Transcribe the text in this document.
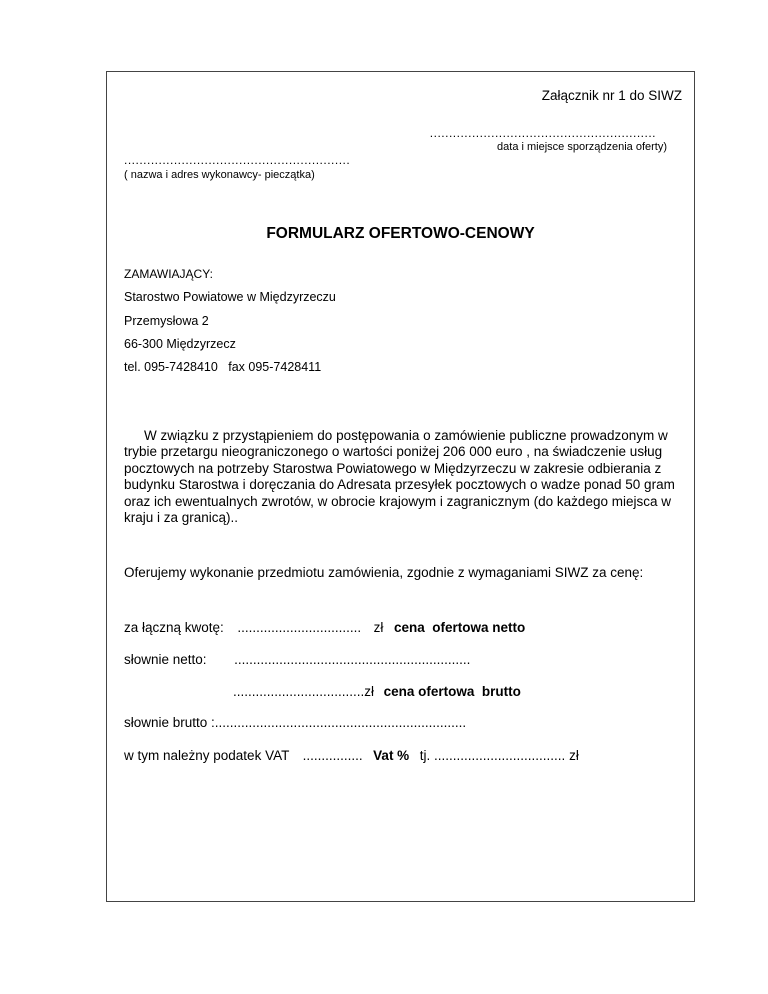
Załącznik nr 1 do SIWZ
...........................................................
data i miejsce sporządzenia oferty)
...........................................................
( nazwa i adres wykonawcy- pieczątka)
FORMULARZ OFERTOWO-CENOWY
ZAMAWIAJĄCY:
Starostwo Powiatowe w Międzyrzeczu
Przemysłowa 2
66-300 Międzyrzecz
tel. 095-7428410   fax 095-7428411
W związku z przystąpieniem do postępowania o zamówienie publiczne prowadzonym w trybie przetargu nieograniczonego o wartości poniżej 206 000 euro , na świadczenie usług pocztowych na potrzeby Starostwa Powiatowego w Międzyrzeczu w zakresie odbierania z budynku Starostwa i doręczania do Adresata przesyłek pocztowych o wadze ponad 50 gram oraz ich ewentualnych zwrotów, w obrocie krajowym i zagranicznym (do każdego miejsca w kraju i za granicą)..
Oferujemy wykonanie przedmiotu zamówienia, zgodnie z wymaganiami SIWZ za cenę:
za łączną kwotę: ................................. zł cena  ofertowa netto
słownie netto: ...............................................................
...................................zł cena ofertowa  brutto
słownie brutto :...................................................................
w tym należny podatek VAT ................ Vat % tj. ................................... zł
